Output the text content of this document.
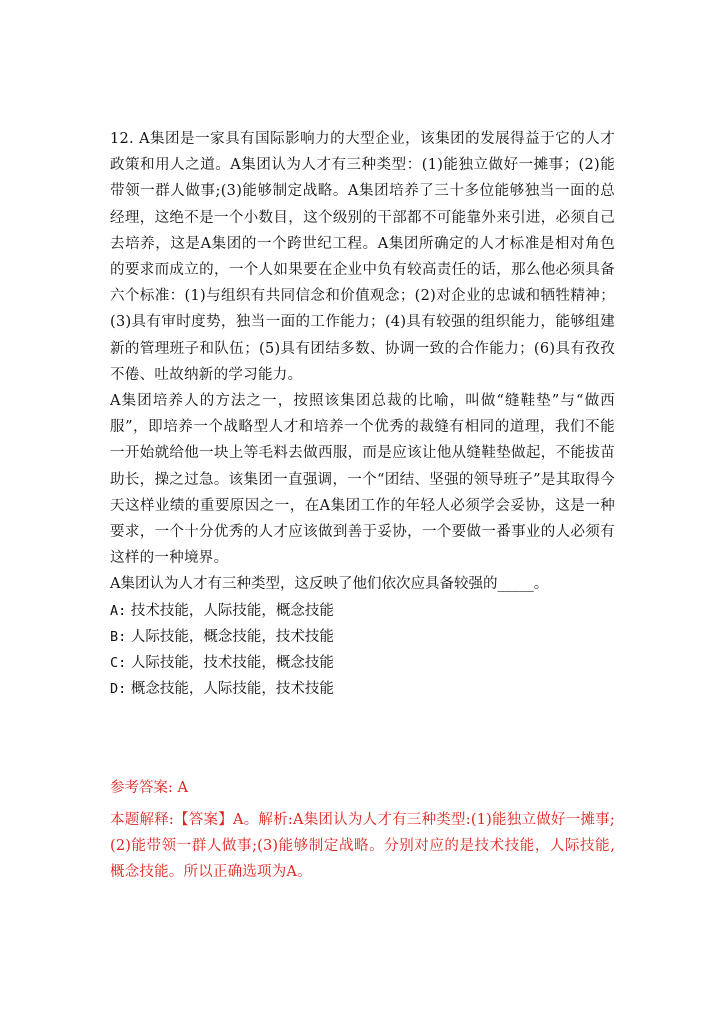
12. A集团是一家具有国际影响力的大型企业，该集团的发展得益于它的人才政策和用人之道。A集团认为人才有三种类型：(1)能独立做好一摊事；(2)能带领一群人做事;(3)能够制定战略。A集团培养了三十多位能够独当一面的总经理，这绝不是一个小数目，这个级别的干部都不可能靠外来引进，必须自己去培养，这是A集团的一个跨世纪工程。A集团所确定的人才标准是相对角色的要求而成立的，一个人如果要在企业中负有较高责任的话，那么他必须具备六个标准：(1)与组织有共同信念和价值观念；(2)对企业的忠诚和牺牲精神；(3)具有审时度势，独当一面的工作能力；(4)具有较强的组织能力，能够组建新的管理班子和队伍；(5)具有团结多数、协调一致的合作能力；(6)具有孜孜不倦、吐故纳新的学习能力。

A集团培养人的方法之一，按照该集团总裁的比喻，叫做“缝鞋垫”与“做西服”，即培养一个战略型人才和培养一个优秀的裁缝有相同的道理，我们不能一开始就给他一块上等毛料去做西服，而是应该让他从缝鞋垫做起，不能拔苗助长，操之过急。该集团一直强调，一个“团结、坚强的领导班子”是其取得今天这样业绩的重要原因之一，在A集团工作的年轻人必须学会妥协，这是一种要求，一个十分优秀的人才应该做到善于妥协，一个要做一番事业的人必须有这样的一种境界。

A集团认为人才有三种类型，这反映了他们依次应具备较强的_____。

A: 技术技能，人际技能，概念技能
B: 人际技能，概念技能，技术技能
C: 人际技能，技术技能，概念技能
D: 概念技能，人际技能，技术技能

参考答案: A

本题解释:【答案】A。解析:A集团认为人才有三种类型:(1)能独立做好一摊事;(2)能带领一群人做事;(3)能够制定战略。分别对应的是技术技能，人际技能,概念技能。所以正确选项为A。
